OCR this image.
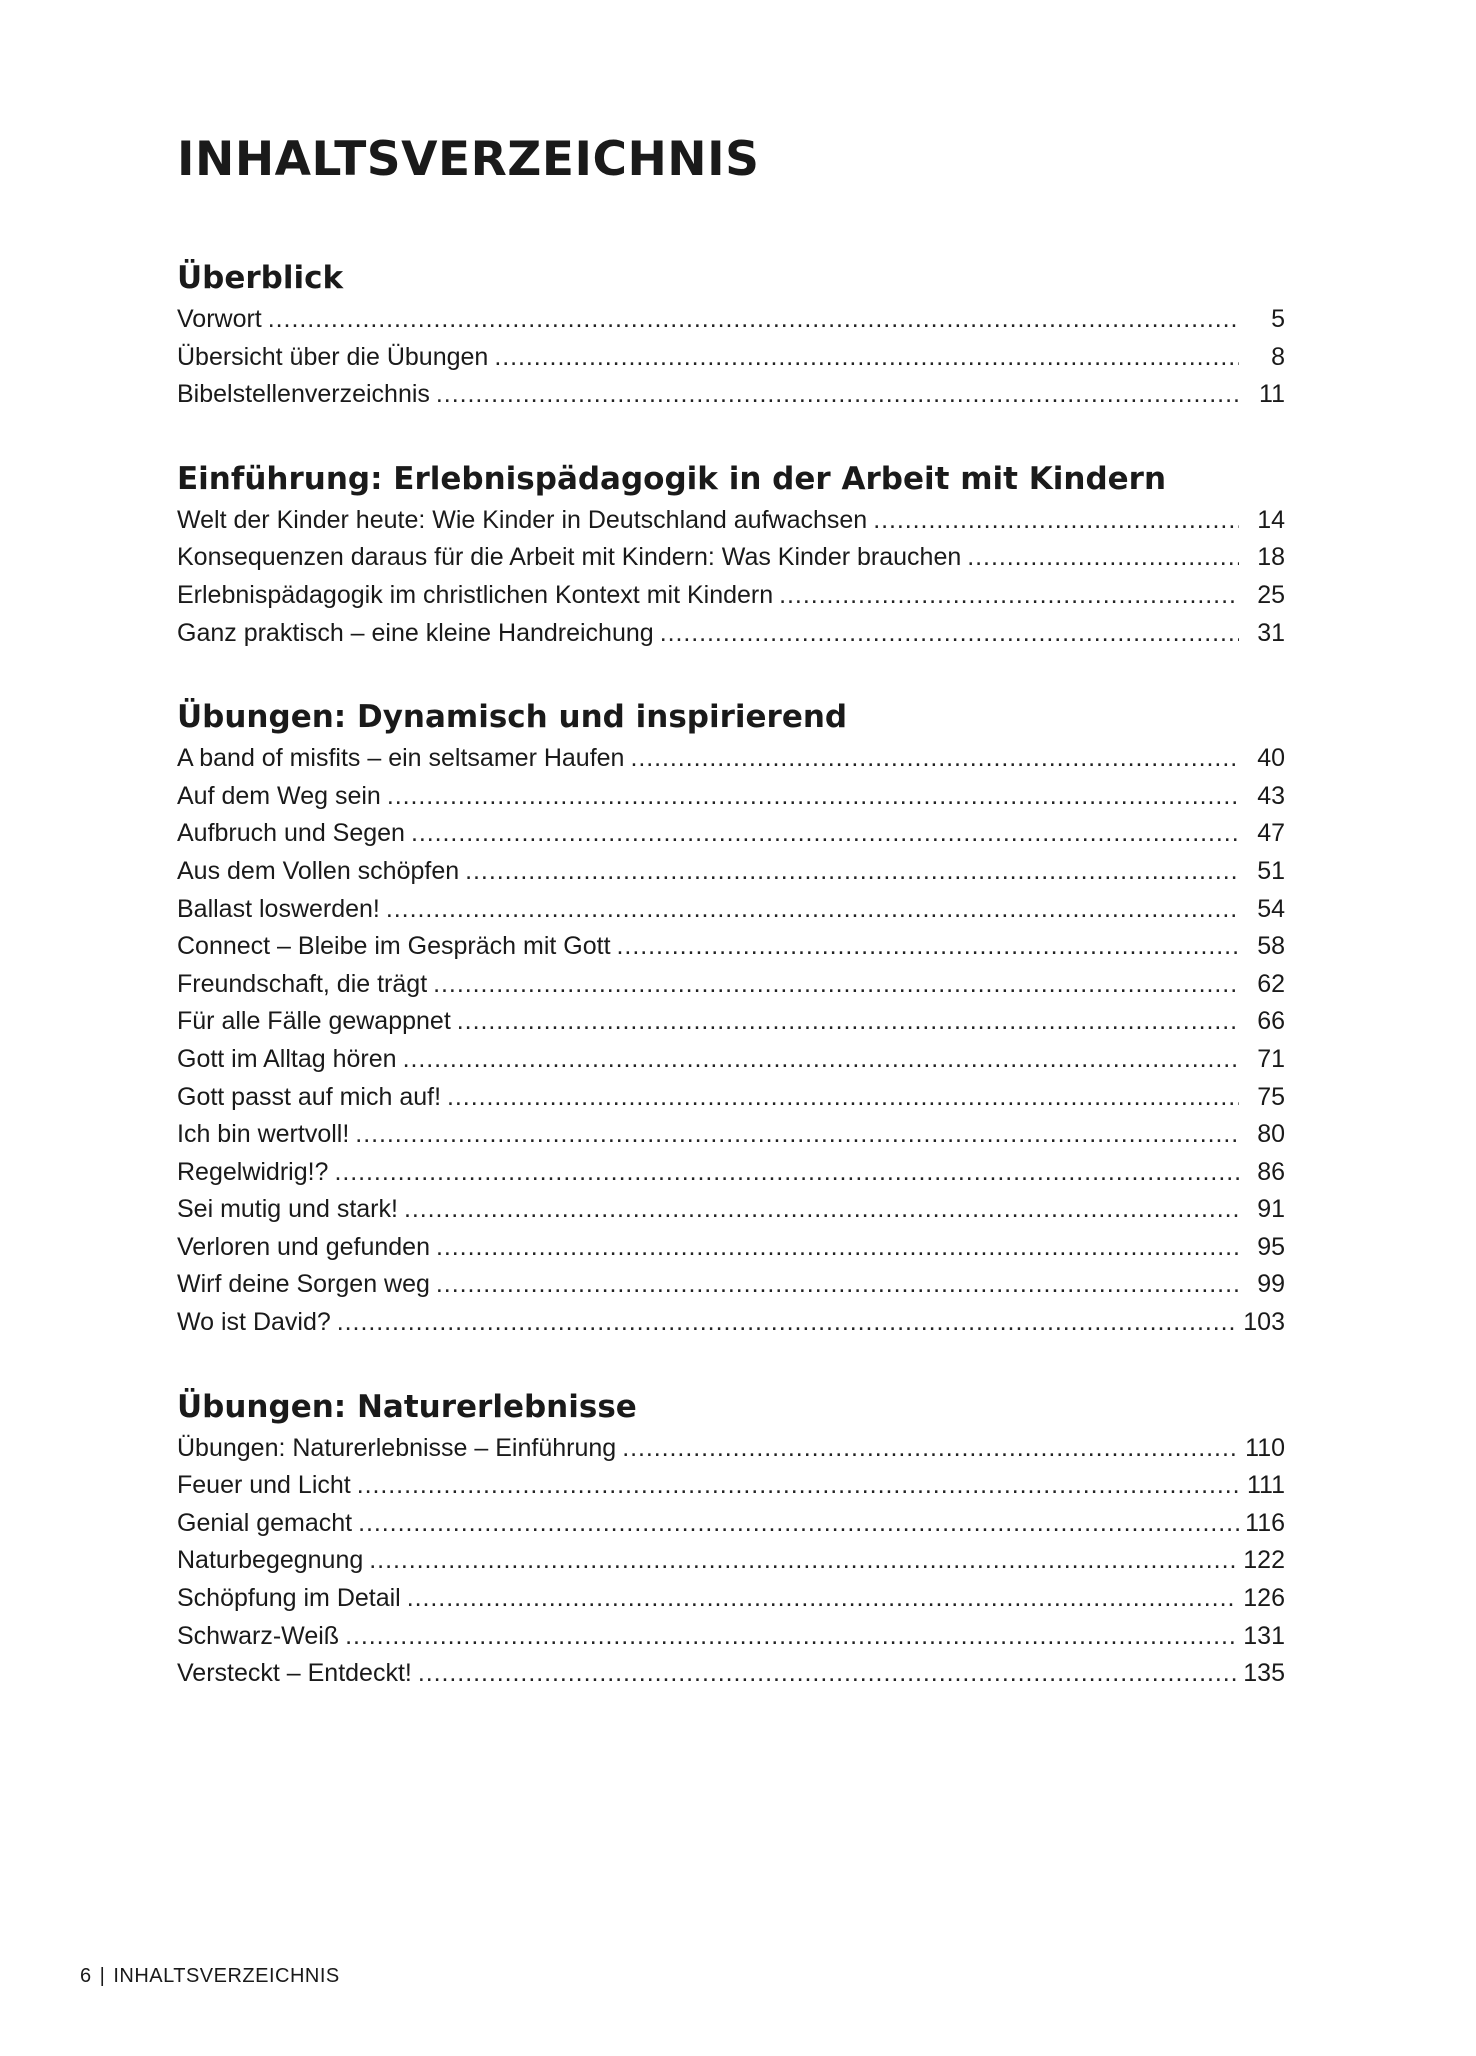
INHALTSVERZEICHNIS
Überblick
Vorwort . . .	5
Übersicht über die Übungen . . .	8
Bibelstellenverzeichnis . . .	11
Einführung: Erlebnispädagogik in der Arbeit mit Kindern
Welt der Kinder heute: Wie Kinder in Deutschland aufwachsen . . .	14
Konsequenzen daraus für die Arbeit mit Kindern: Was Kinder brauchen . . .	18
Erlebnispädagogik im christlichen Kontext mit Kindern . . .	25
Ganz praktisch – eine kleine Handreichung . . .	31
Übungen: Dynamisch und inspirierend
A band of misfits – ein seltsamer Haufen . . .	40
Auf dem Weg sein . . .	43
Aufbruch und Segen . . .	47
Aus dem Vollen schöpfen . . .	51
Ballast loswerden! . . .	54
Connect – Bleibe im Gespräch mit Gott . . .	58
Freundschaft, die trägt . . .	62
Für alle Fälle gewappnet . . .	66
Gott im Alltag hören . . .	71
Gott passt auf mich auf! . . .	75
Ich bin wertvoll! . . .	80
Regelwidrig!? . . .	86
Sei mutig und stark! . . .	91
Verloren und gefunden . . .	95
Wirf deine Sorgen weg . . .	99
Wo ist David? . . .	103
Übungen: Naturerlebnisse
Übungen: Naturerlebnisse – Einführung . . .	110
Feuer und Licht . . .	111
Genial gemacht . . .	116
Naturbegegnung . . .	122
Schöpfung im Detail . . .	126
Schwarz-Weiß . . .	131
Versteckt – Entdeckt! . . .	135
6 | INHALTSVERZEICHNIS
